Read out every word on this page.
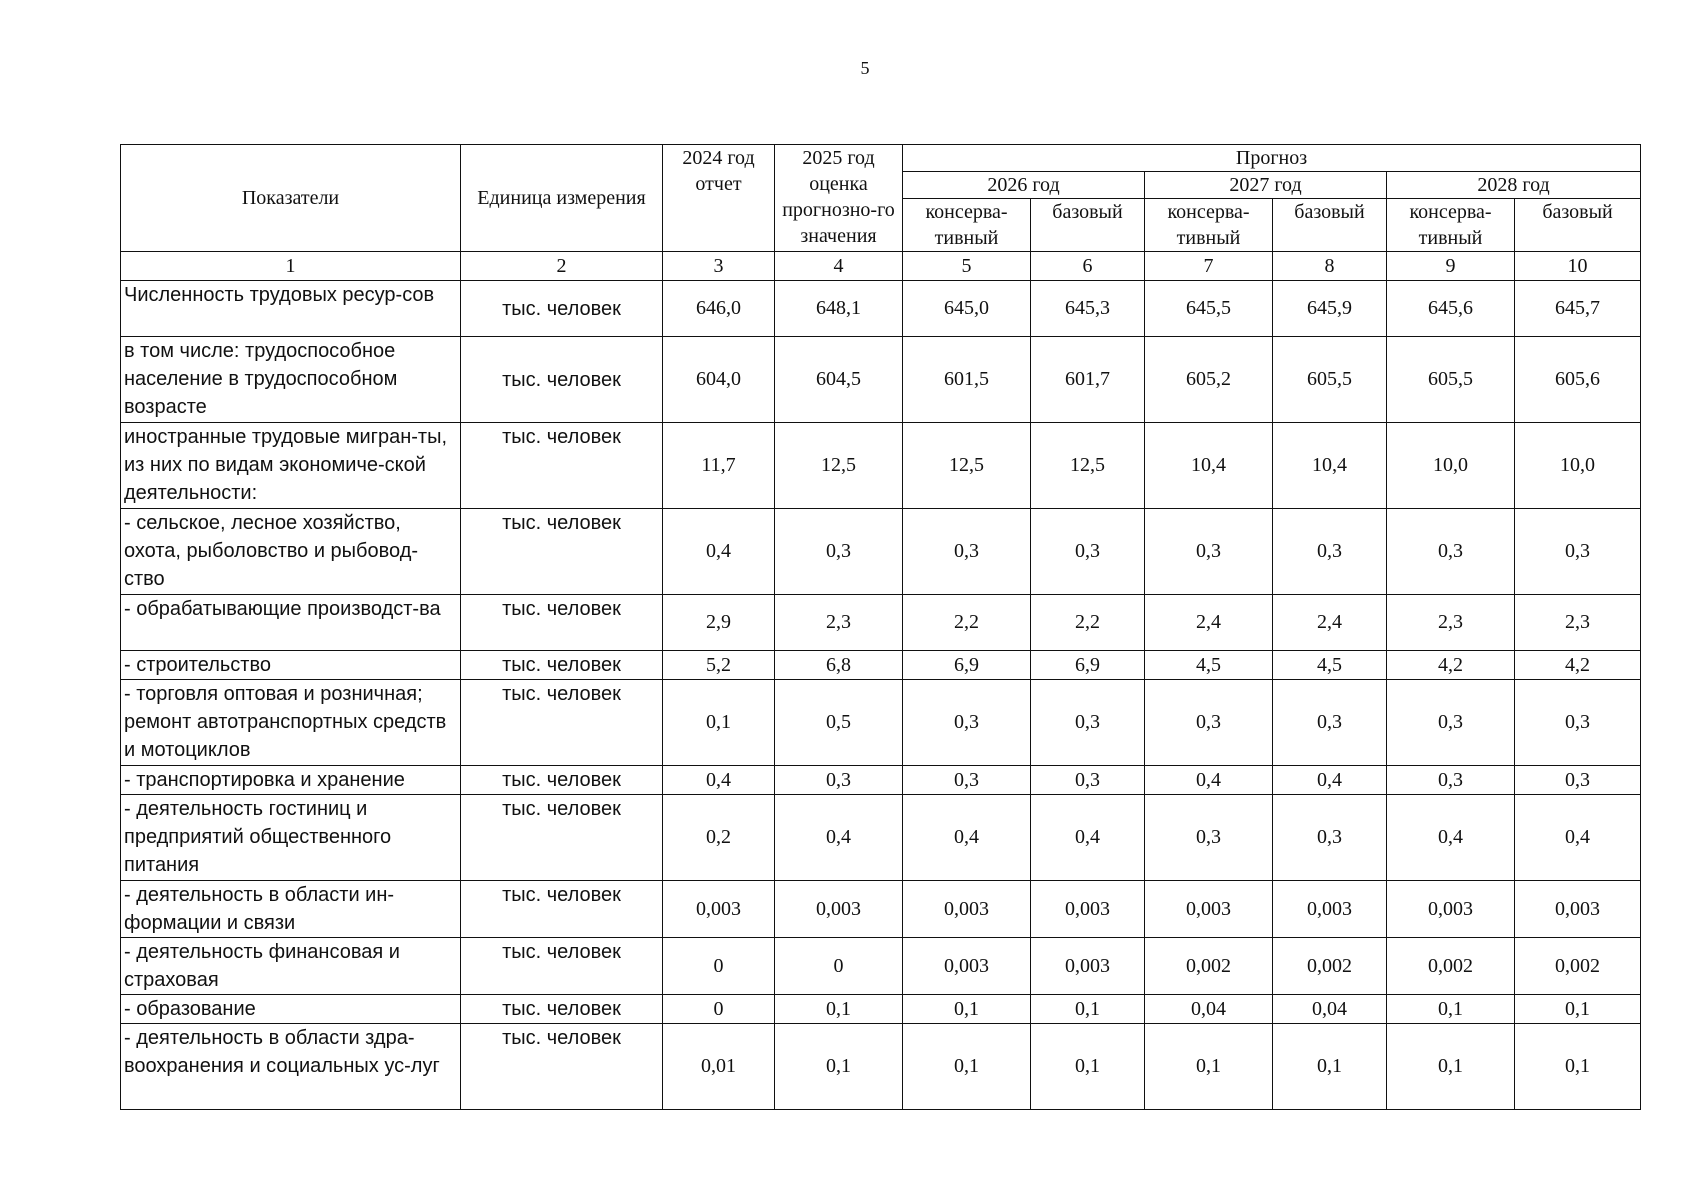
5
Показатели	Единица измерения	2024 год отчет	2025 год оценка прогнозно-го значения	Прогноз					
				2026 год		2027 год		2028 год	
				консерва-тивный	базовый	консерва-тивный	базовый	консерва-тивный	базовый
1	2	3	4	5	6	7	8	9	10
Численность трудовых ресур-сов	тыс. человек	646,0	648,1	645,0	645,3	645,5	645,9	645,6	645,7
в том числе: трудоспособное население в трудоспособном возрасте	тыс. человек	604,0	604,5	601,5	601,7	605,2	605,5	605,5	605,6
иностранные трудовые мигран-ты, из них по видам экономиче-ской деятельности:	тыс. человек	11,7	12,5	12,5	12,5	10,4	10,4	10,0	10,0
- сельское, лесное хозяйство, охота, рыболовство и рыбовод-ство	тыс. человек	0,4	0,3	0,3	0,3	0,3	0,3	0,3	0,3
- обрабатывающие производст-ва	тыс. человек	2,9	2,3	2,2	2,2	2,4	2,4	2,3	2,3
- строительство	тыс. человек	5,2	6,8	6,9	6,9	4,5	4,5	4,2	4,2
- торговля оптовая и розничная; ремонт автотранспортных средств и мотоциклов	тыс. человек	0,1	0,5	0,3	0,3	0,3	0,3	0,3	0,3
- транспортировка и хранение	тыс. человек	0,4	0,3	0,3	0,3	0,4	0,4	0,3	0,3
- деятельность гостиниц и предприятий общественного питания	тыс. человек	0,2	0,4	0,4	0,4	0,3	0,3	0,4	0,4
- деятельность в области ин-формации и связи	тыс. человек	0,003	0,003	0,003	0,003	0,003	0,003	0,003	0,003
- деятельность финансовая и страховая	тыс. человек	0	0	0,003	0,003	0,002	0,002	0,002	0,002
- образование	тыс. человек	0	0,1	0,1	0,1	0,04	0,04	0,1	0,1
- деятельность в области здра-воохранения и социальных ус-луг	тыс. человек	0,01	0,1	0,1	0,1	0,1	0,1	0,1	0,1
